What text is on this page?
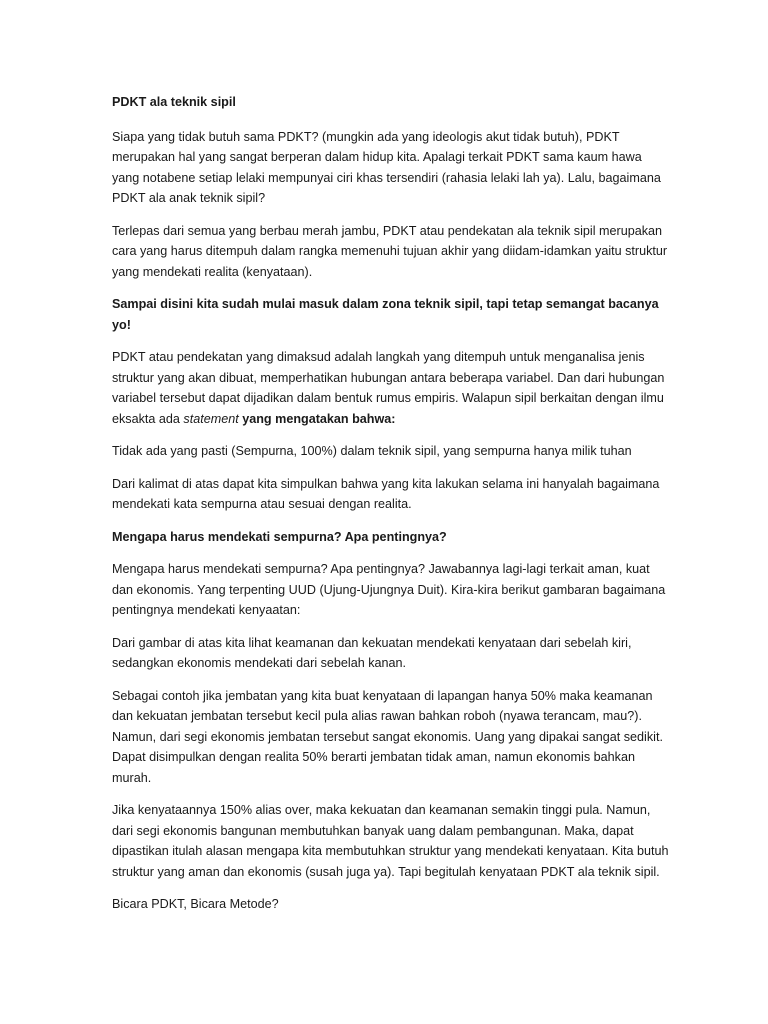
PDKT ala teknik sipil

Siapa yang tidak butuh sama PDKT? (mungkin ada yang ideologis akut tidak butuh), PDKT merupakan hal yang sangat berperan dalam hidup kita. Apalagi terkait PDKT sama kaum hawa yang notabene setiap lelaki mempunyai ciri khas tersendiri (rahasia lelaki lah ya). Lalu, bagaimana PDKT ala anak teknik sipil?

Terlepas dari semua yang berbau merah jambu, PDKT atau pendekatan ala teknik sipil merupakan cara yang harus ditempuh dalam rangka memenuhi tujuan akhir yang diidam-idamkan yaitu struktur yang mendekati realita (kenyataan).

Sampai disini kita sudah mulai masuk dalam zona teknik sipil, tapi tetap semangat bacanya yo!

PDKT atau pendekatan yang dimaksud adalah langkah yang ditempuh untuk menganalisa jenis struktur yang akan dibuat, memperhatikan hubungan antara beberapa variabel. Dan dari hubungan variabel tersebut dapat dijadikan dalam bentuk rumus empiris. Walapun sipil berkaitan dengan ilmu eksakta ada statement yang mengatakan bahwa:

Tidak ada yang pasti (Sempurna, 100%) dalam teknik sipil, yang sempurna hanya milik tuhan

Dari kalimat di atas dapat kita simpulkan bahwa yang kita lakukan selama ini hanyalah bagaimana mendekati kata sempurna atau sesuai dengan realita.

Mengapa harus mendekati sempurna? Apa pentingnya?

Mengapa harus mendekati sempurna? Apa pentingnya? Jawabannya lagi-lagi terkait aman, kuat dan ekonomis. Yang terpenting UUD (Ujung-Ujungnya Duit). Kira-kira berikut gambaran bagaimana pentingnya mendekati kenyaatan:

Dari gambar di atas kita lihat keamanan dan kekuatan mendekati kenyataan dari sebelah kiri, sedangkan ekonomis mendekati dari sebelah kanan.

Sebagai contoh jika jembatan yang kita buat kenyataan di lapangan hanya 50% maka keamanan dan kekuatan jembatan tersebut kecil pula alias rawan bahkan roboh (nyawa terancam, mau?). Namun, dari segi ekonomis jembatan tersebut sangat ekonomis. Uang yang dipakai sangat sedikit. Dapat disimpulkan dengan realita 50% berarti jembatan tidak aman, namun ekonomis bahkan murah.

Jika kenyataannya 150% alias over, maka kekuatan dan keamanan semakin tinggi pula. Namun, dari segi ekonomis bangunan membutuhkan banyak uang dalam pembangunan. Maka, dapat dipastikan itulah alasan mengapa kita membutuhkan struktur yang mendekati kenyataan. Kita butuh struktur yang aman dan ekonomis (susah juga ya). Tapi begitulah kenyataan PDKT ala teknik sipil.

Bicara PDKT, Bicara Metode?
